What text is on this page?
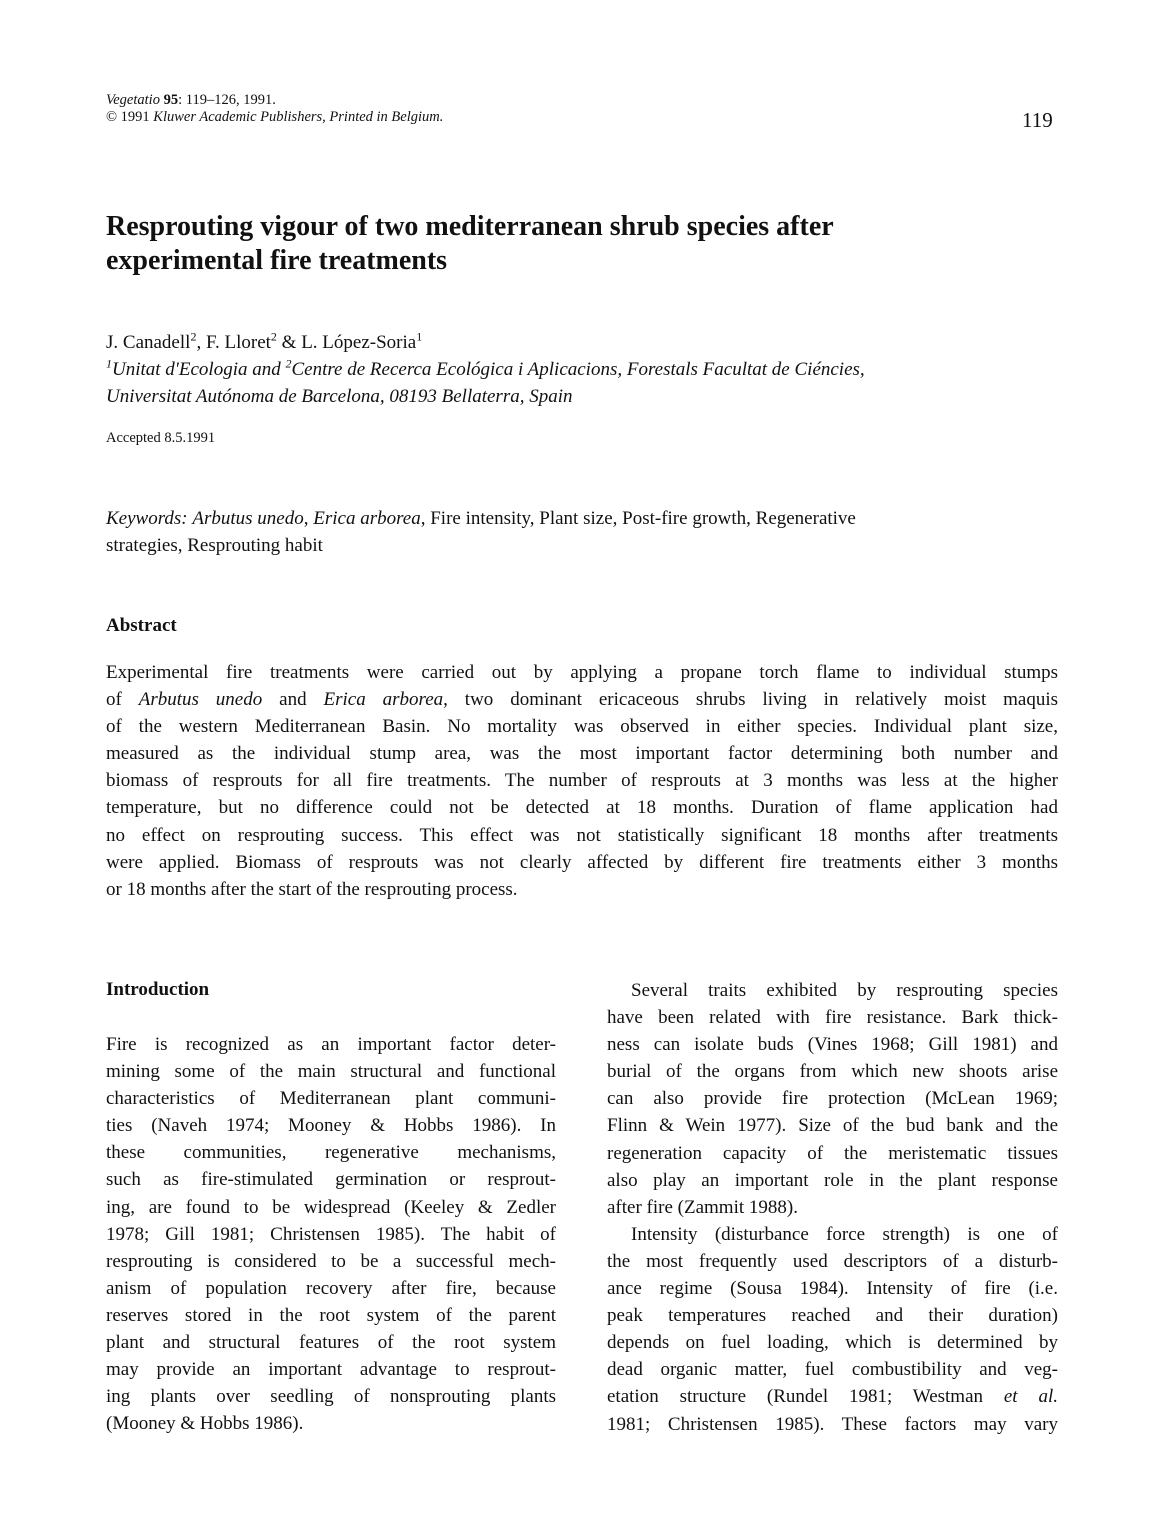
Vegetatio 95: 119–126, 1991.
© 1991 Kluwer Academic Publishers, Printed in Belgium.	119
Resprouting vigour of two mediterranean shrub species after
experimental fire treatments
J. Canadell$^2$, F. Lloret$^2$ & L. López-Soria$^1$
$^1$Unitat d'Ecologia and $^2$Centre de Recerca Ecológica i Aplicacions, Forestals Facultat de Ciéncies,
Universitat Autónoma de Barcelona, 08193 Bellaterra, Spain
Accepted 8.5.1991
Keywords: Arbutus unedo, Erica arborea, Fire intensity, Plant size, Post-fire growth, Regenerative
strategies, Resprouting habit
Abstract
Experimental fire treatments were carried out by applying a propane torch flame to individual stumps
of Arbutus unedo and Erica arborea, two dominant ericaceous shrubs living in relatively moist maquis
of the western Mediterranean Basin. No mortality was observed in either species. Individual plant size,
measured as the individual stump area, was the most important factor determining both number and
biomass of resprouts for all fire treatments. The number of resprouts at 3 months was less at the higher
temperature, but no difference could not be detected at 18 months. Duration of flame application had
no effect on resprouting success. This effect was not statistically significant 18 months after treatments
were applied. Biomass of resprouts was not clearly affected by different fire treatments either 3 months
or 18 months after the start of the resprouting process.
Introduction
Fire is recognized as an important factor deter-
mining some of the main structural and functional
characteristics of Mediterranean plant communi-
ties (Naveh 1974; Mooney & Hobbs 1986). In
these communities, regenerative mechanisms,
such as fire-stimulated germination or resprout-
ing, are found to be widespread (Keeley & Zedler
1978; Gill 1981; Christensen 1985). The habit of
resprouting is considered to be a successful mech-
anism of population recovery after fire, because
reserves stored in the root system of the parent
plant and structural features of the root system
may provide an important advantage to resprout-
ing plants over seedling of nonsprouting plants
(Mooney & Hobbs 1986).
Several traits exhibited by resprouting species
have been related with fire resistance. Bark thick-
ness can isolate buds (Vines 1968; Gill 1981) and
burial of the organs from which new shoots arise
can also provide fire protection (McLean 1969;
Flinn & Wein 1977). Size of the bud bank and the
regeneration capacity of the meristematic tissues
also play an important role in the plant response
after fire (Zammit 1988).
Intensity (disturbance force strength) is one of
the most frequently used descriptors of a disturb-
ance regime (Sousa 1984). Intensity of fire (i.e.
peak temperatures reached and their duration)
depends on fuel loading, which is determined by
dead organic matter, fuel combustibility and veg-
etation structure (Rundel 1981; Westman et al.
1981; Christensen 1985). These factors may vary
